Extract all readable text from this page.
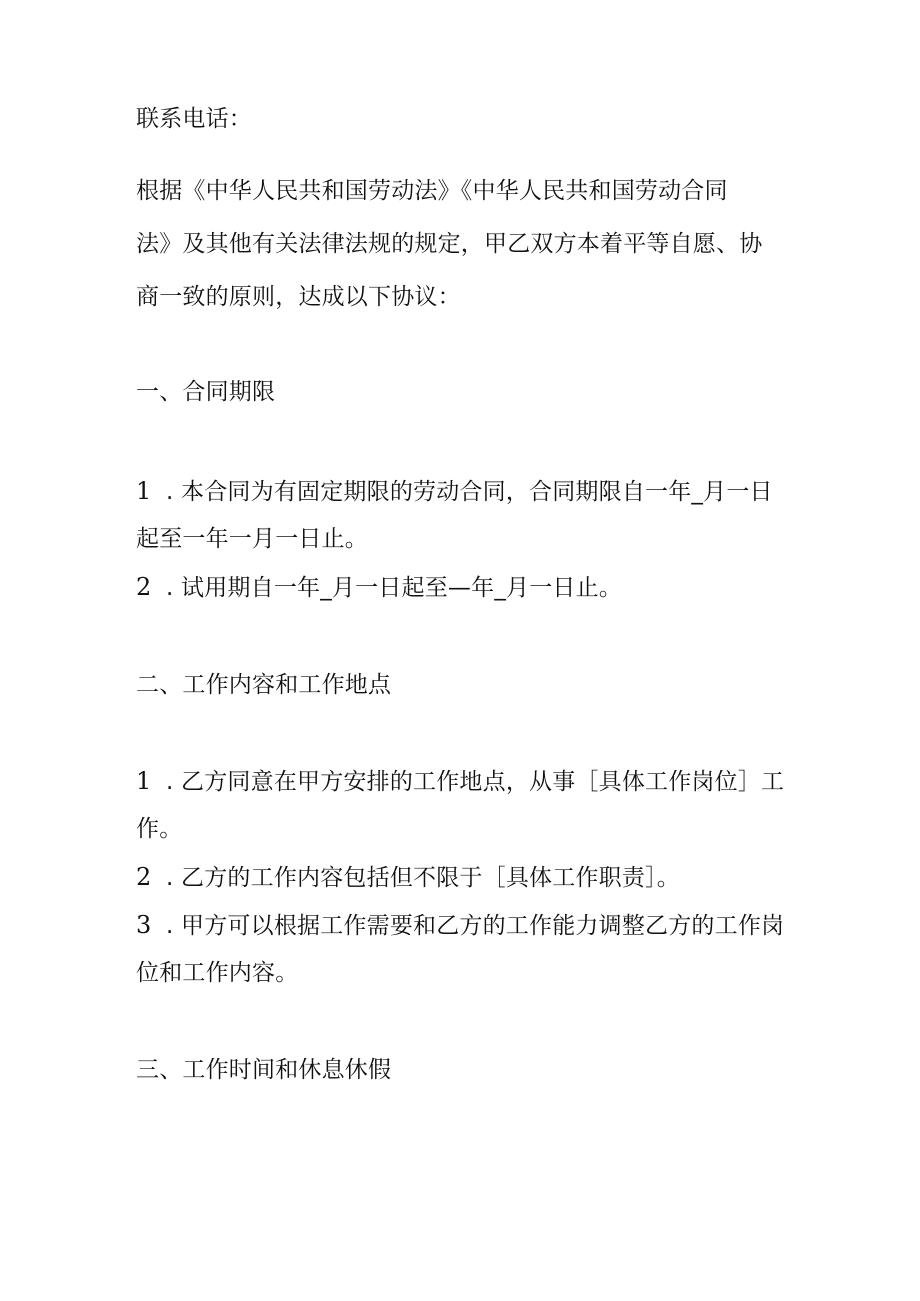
联系电话：
根据《中华人民共和国劳动法》《中华人民共和国劳动合同
法》及其他有关法律法规的规定，甲乙双方本着平等自愿、协
商一致的原则，达成以下协议：
一、合同期限
1 . 本合同为有固定期限的劳动合同，合同期限自一年_月一日
起至一年一月一日止。
2 . 试用期自一年_月一日起至—年_月一日止。
二、工作内容和工作地点
1 . 乙方同意在甲方安排的工作地点，从事［具体工作岗位］工
作。
2 . 乙方的工作内容包括但不限于［具体工作职责］。
3 . 甲方可以根据工作需要和乙方的工作能力调整乙方的工作岗
位和工作内容。
三、工作时间和休息休假
